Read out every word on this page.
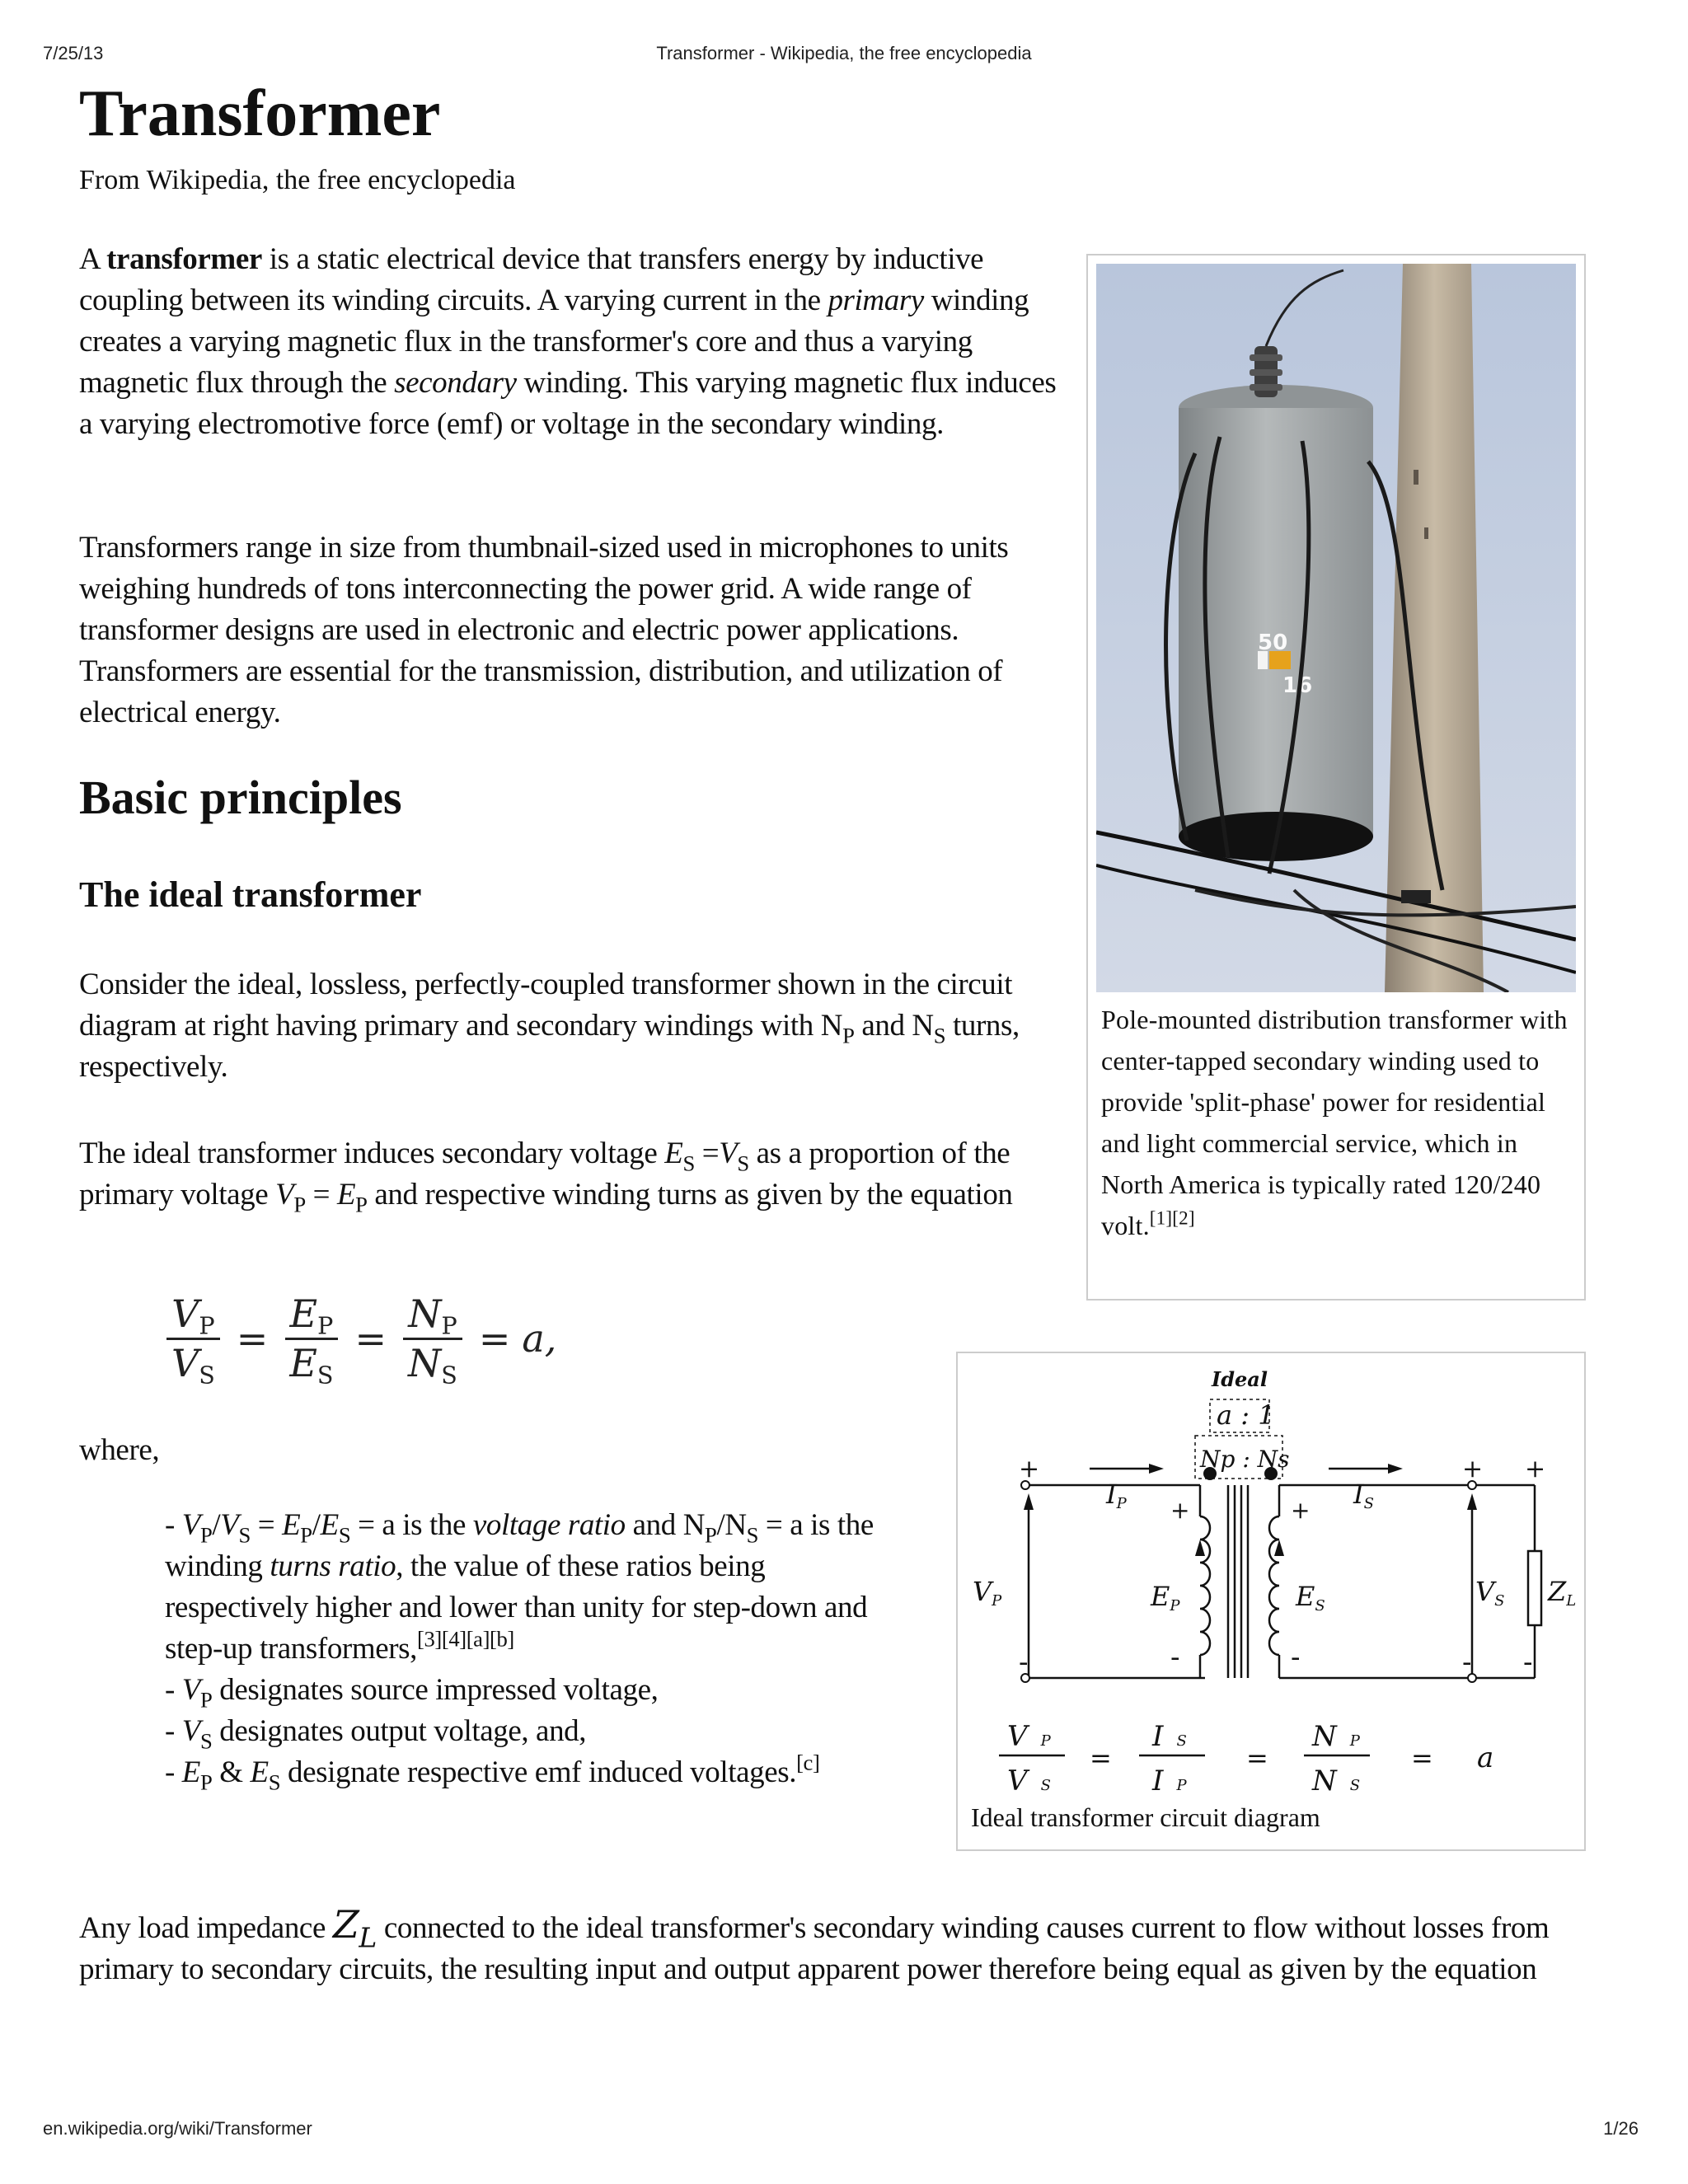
7/25/13	Transformer - Wikipedia, the free encyclopedia
en.wikipedia.org/wiki/Transformer	1/26
Transformer
From Wikipedia, the free encyclopedia

A transformer is a static electrical device that transfers energy by inductive coupling between its winding circuits. A varying current in the primary winding creates a varying magnetic flux in the transformer's core and thus a varying magnetic flux through the secondary winding. This varying magnetic flux induces a varying electromotive force (emf) or voltage in the secondary winding.

Transformers range in size from thumbnail-sized used in microphones to units weighing hundreds of tons interconnecting the power grid. A wide range of transformer designs are used in electronic and electric power applications. Transformers are essential for the transmission, distribution, and utilization of electrical energy.

Basic principles
The ideal transformer

Consider the ideal, lossless, perfectly-coupled transformer shown in the circuit diagram at right having primary and secondary windings with $N_P$ and $N_S$ turns, respectively.

The ideal transformer induces secondary voltage $E_S =V_S$ as a proportion of the primary voltage $V_P = E_P$ and respective winding turns as given by the equation

$\frac{V_P}{V_S} = \frac{E_P}{E_S} = \frac{N_P}{N_S} = a$,

where,

- $V_P/V_S = E_P/E_S = a$ is the voltage ratio and $N_P/N_S = a$ is the winding turns ratio, the value of these ratios being respectively higher and lower than unity for step-down and step-up transformers,[3][4][a][b]
- $V_P$ designates source impressed voltage,
- $V_S$ designates output voltage, and,
- $E_P$ & $E_S$ designate respective emf induced voltages.[c]

Any load impedance $Z_L$ connected to the ideal transformer's secondary winding causes current to flow without losses from primary to secondary circuits, the resulting input and output apparent power therefore being equal as given by the equation

50
16
Pole-mounted distribution transformer with center-tapped secondary winding used to provide 'split-phase' power for residential and light commercial service, which in North America is typically rated 120/240 volt.[1][2]
Ideal
a : 1
Np : Ns
+
-
+
-
+
-
+
-
+
-
VP
IP
EP	ES
IS
VS ZL
V P
V S
=
I S
I P
=
N P
N S
= a
Ideal transformer circuit diagram
